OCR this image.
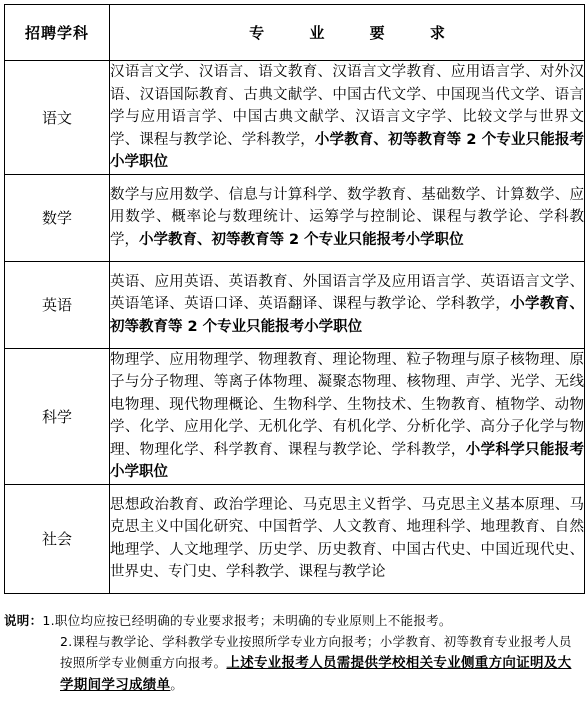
招聘学科	专 业 要 求
语文	汉语言文学、汉语言、语文教育、汉语言文学教育、应用语言学、对外汉语、汉语国际教育、古典文献学、中国古代文学、中国现当代文学、语言学与应用语言学、中国古典文献学、汉语言文字学、比较文学与世界文学、课程与教学论、学科教学，小学教育、初等教育等 2 个专业只能报考小学职位
数学	数学与应用数学、信息与计算科学、数学教育、基础数学、计算数学、应用数学、概率论与数理统计、运筹学与控制论、课程与教学论、学科教学，小学教育、初等教育等 2 个专业只能报考小学职位
英语	英语、应用英语、英语教育、外国语言学及应用语言学、英语语言文学、英语笔译、英语口译、英语翻译、课程与教学论、学科教学，小学教育、初等教育等 2 个专业只能报考小学职位
科学	物理学、应用物理学、物理教育、理论物理、粒子物理与原子核物理、原子与分子物理、等离子体物理、凝聚态物理、核物理、声学、光学、无线电物理、现代物理概论、生物科学、生物技术、生物教育、植物学、动物学、化学、应用化学、无机化学、有机化学、分析化学、高分子化学与物理、物理化学、科学教育、课程与教学论、学科教学，小学科学只能报考小学职位
社会	思想政治教育、政治学理论、马克思主义哲学、马克思主义基本原理、马克思主义中国化研究、中国哲学、人文教育、地理科学、地理教育、自然地理学、人文地理学、历史学、历史教育、中国古代史、中国近现代史、世界史、专门史、学科教学、课程与教学论
说明：1.职位均应按已经明确的专业要求报考；未明确的专业原则上不能报考。
2.课程与教学论、学科教学专业按照所学专业方向报考；小学教育、初等教育专业报考人员按照所学专业侧重方向报考。上述专业报考人员需提供学校相关专业侧重方向证明及大学期间学习成绩单。
